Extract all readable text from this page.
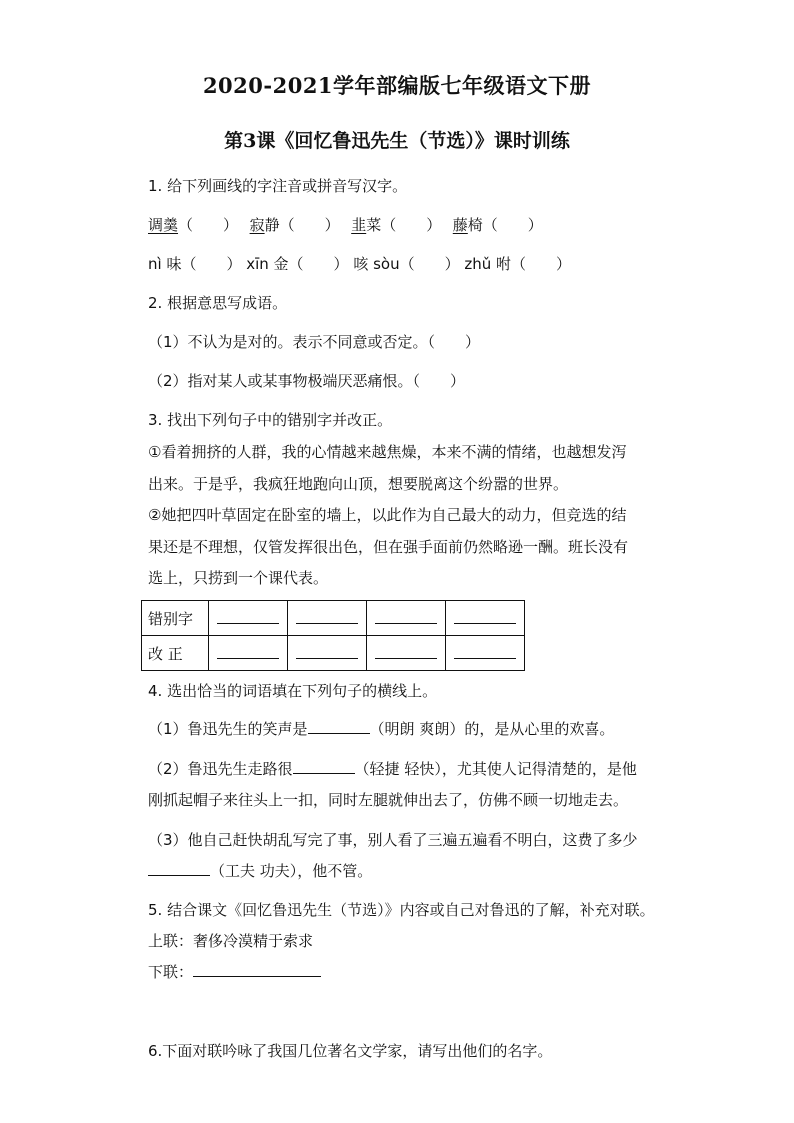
2020-2021学年部编版七年级语文下册
第3课《回忆鲁迅先生（节选）》课时训练
1. 给下列画线的字注音或拼音写汉字。
调羹（　　） 寂静（　　） 韭菜（　　） 藤椅（　　）
nì 味（　　） xīn 金（　　） 咳 sòu（　　） zhǔ 咐（　　）
2. 根据意思写成语。
（1）不认为是对的。表示不同意或否定。（　　）
（2）指对某人或某事物极端厌恶痛恨。（　　）
3. 找出下列句子中的错别字并改正。
①看着拥挤的人群，我的心情越来越焦燥，本来不满的情绪，也越想发泻
出来。于是乎，我疯狂地跑向山顶，想要脱离这个纷嚣的世界。
②她把四叶草固定在卧室的墙上，以此作为自己最大的动力，但竞选的结
果还是不理想，仅管发挥很出色，但在强手面前仍然略逊一酬。班长没有
选上，只捞到一个课代表。
错别字				
改 正				
4. 选出恰当的词语填在下列句子的横线上。
（1）鲁迅先生的笑声是	（明朗 爽朗）的，是从心里的欢喜。
（2）鲁迅先生走路很	（轻捷 轻快），尤其使人记得清楚的，是他
刚抓起帽子来往头上一扣，同时左腿就伸出去了，仿佛不顾一切地走去。
（3）他自己赶快胡乱写完了事，别人看了三遍五遍看不明白，这费了多少
（工夫 功夫），他不管。
5. 结合课文《回忆鲁迅先生（节选）》内容或自己对鲁迅的了解，补充对联。
上联：奢侈冷漠精于索求
下联：
6.下面对联吟咏了我国几位著名文学家，请写出他们的名字。
